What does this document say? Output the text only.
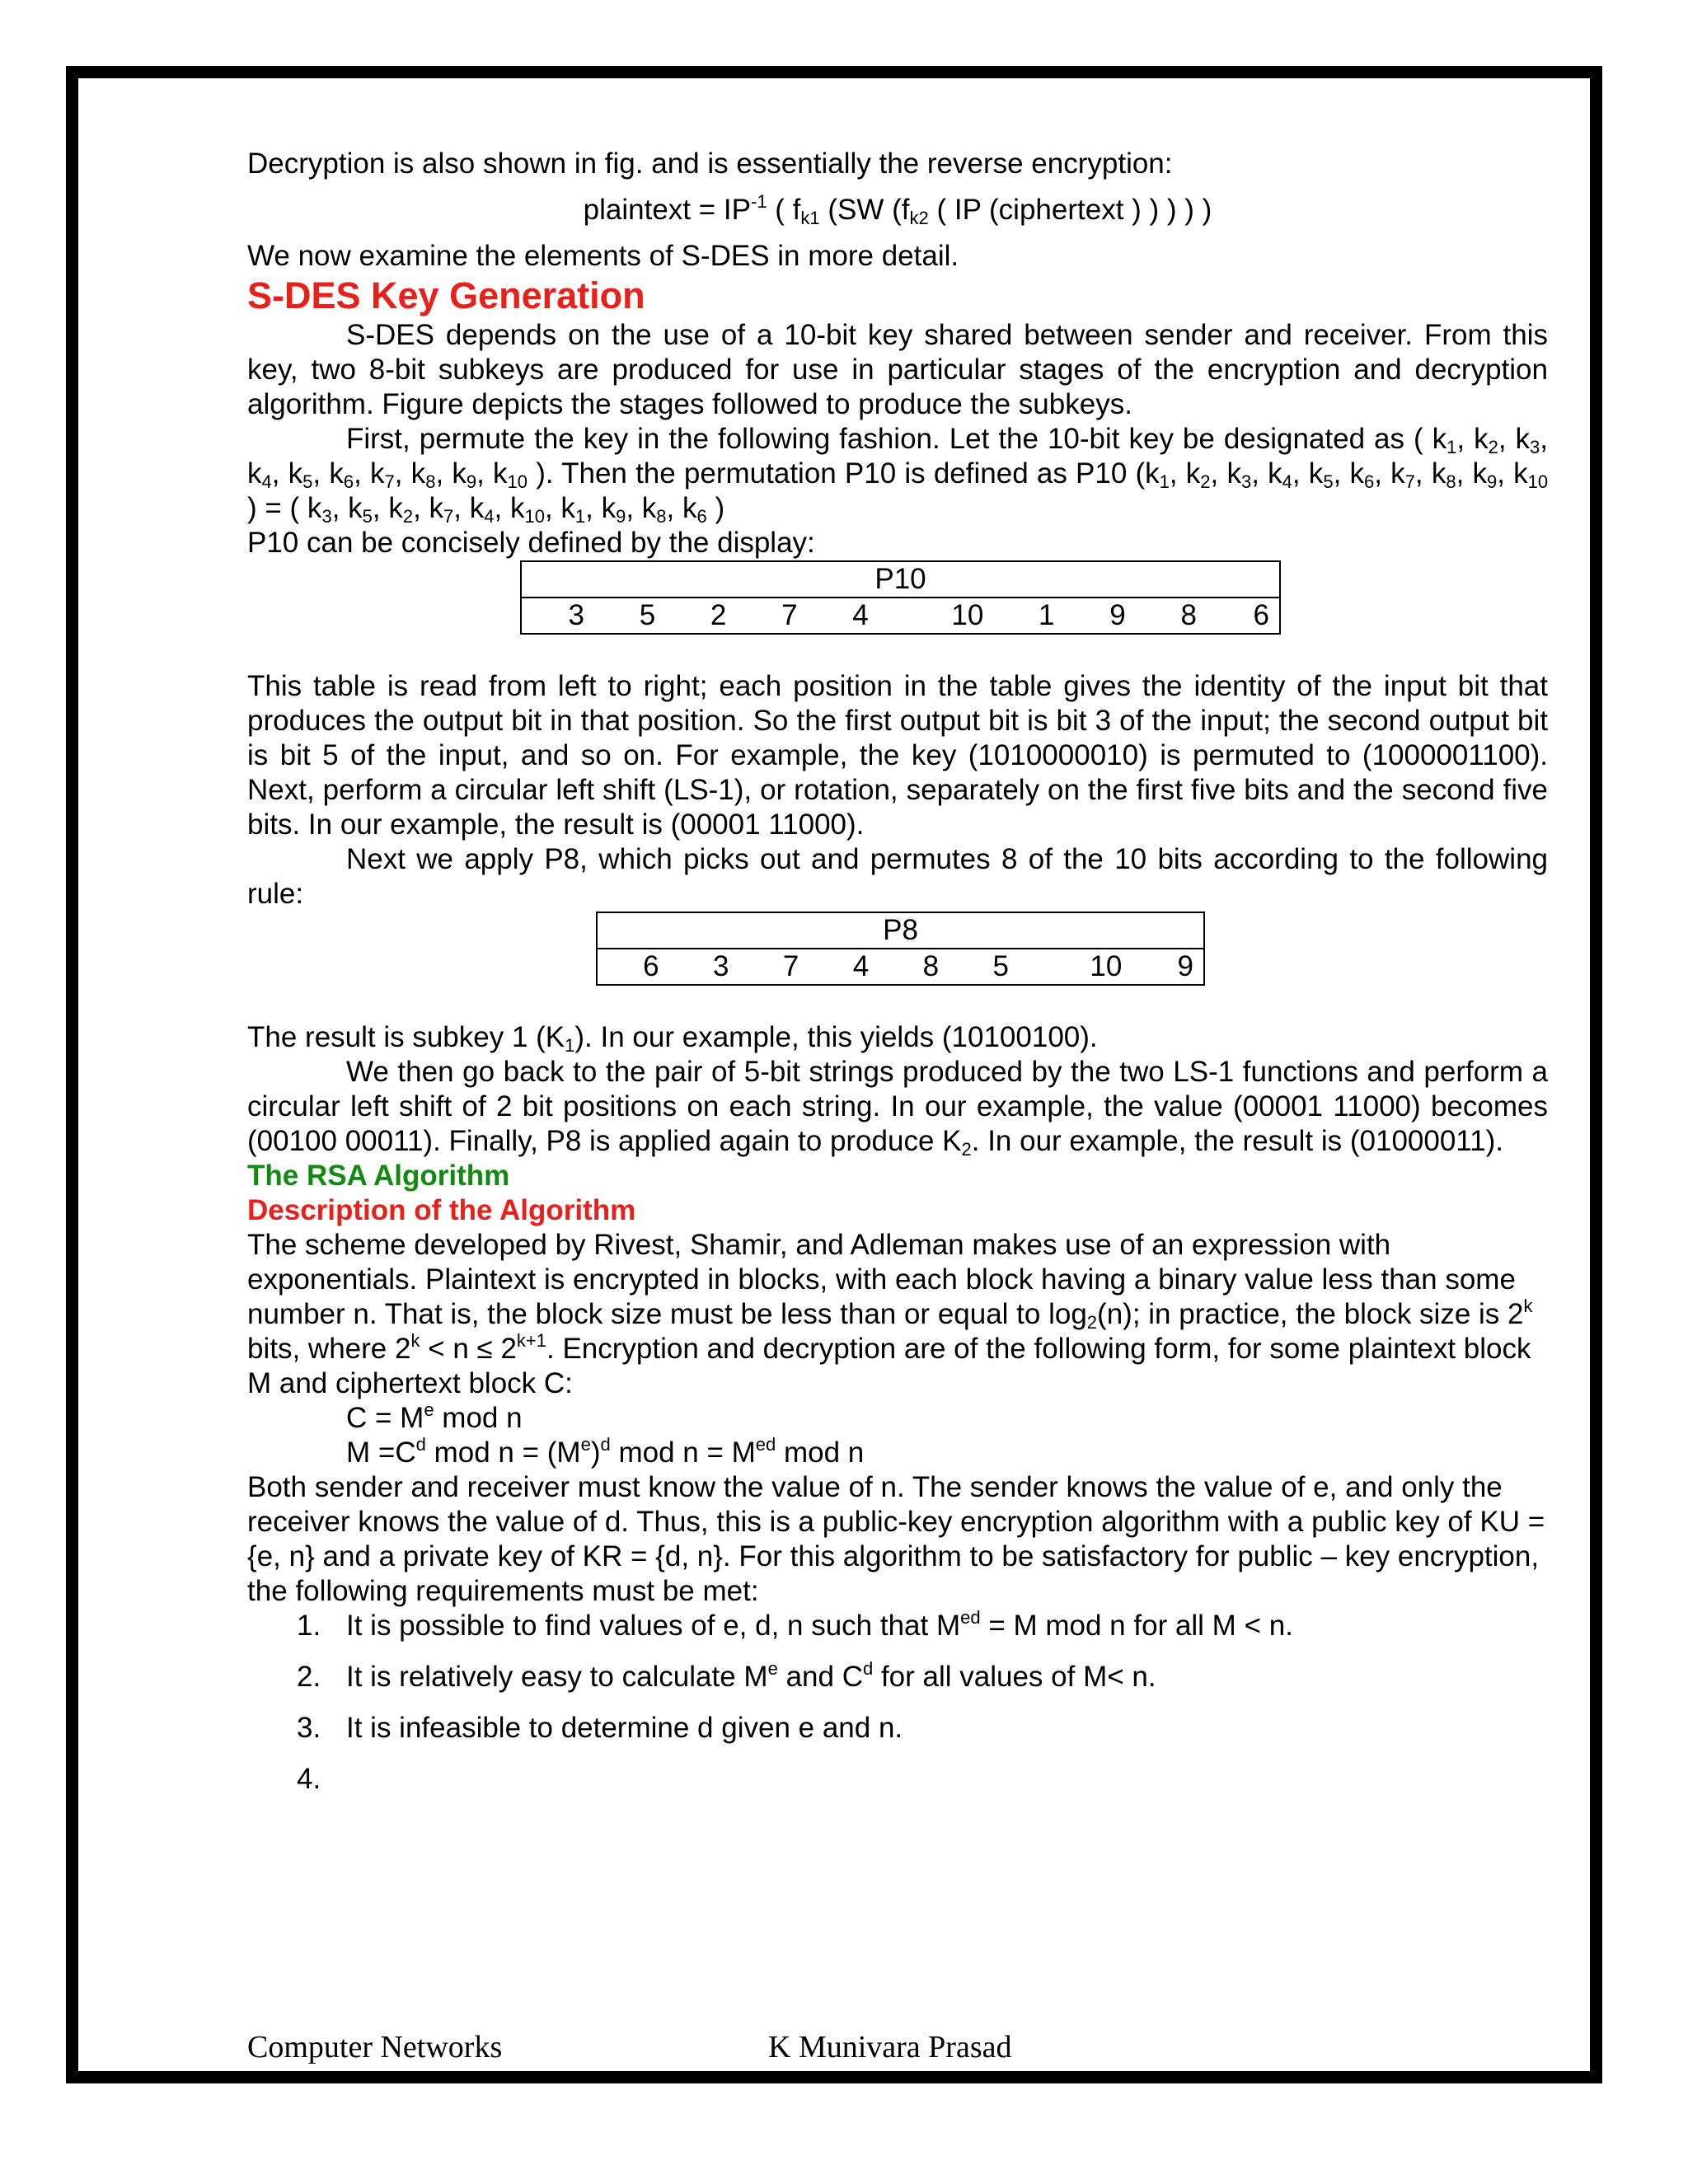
Decryption is also shown in fig. and is essentially the reverse encryption:

plaintext = $IP^{-1}$ ( $f_{k1}$ (SW ($f_{k2}$ ( IP (ciphertext ) ) ) ) )

We now examine the elements of S-DES in more detail.

S-DES Key Generation

S-DES depends on the use of a 10-bit key shared between sender and receiver. From this key, two 8-bit subkeys are produced for use in particular stages of the encryption and decryption algorithm. Figure depicts the stages followed to produce the subkeys.

First, permute the key in the following fashion. Let the 10-bit key be designated as ( $k_1$, $k_2$, $k_3$, $k_4$, $k_5$, $k_6$, $k_7$, $k_8$, $k_9$, $k_{10}$ ). Then the permutation P10 is defined as P10 ($k_1$, $k_2$, $k_3$, $k_4$, $k_5$, $k_6$, $k_7$, $k_8$, $k_9$, $k_{10}$ ) = ( $k_3$, $k_5$, $k_2$, $k_7$, $k_4$, $k_{10}$, $k_1$, $k_9$, $k_8$, $k_6$ )

P10 can be concisely defined by the display:

P10
3	5	2	7	4	10	1	9	8	6

This table is read from left to right; each position in the table gives the identity of the input bit that produces the output bit in that position. So the first output bit is bit 3 of the input; the second output bit is bit 5 of the input, and so on. For example, the key (1010000010) is permuted to (1000001100). Next, perform a circular left shift (LS-1), or rotation, separately on the first five bits and the second five bits. In our example, the result is (00001 11000).

Next we apply P8, which picks out and permutes 8 of the 10 bits according to the following rule:

P8
6	3	7	4	8	5	10	9

The result is subkey 1 $(K_1)$. In our example, this yields (10100100).

We then go back to the pair of 5-bit strings produced by the two LS-1 functions and perform a circular left shift of 2 bit positions on each string. In our example, the value (00001 11000) becomes (00100 00011). Finally, P8 is applied again to produce $K_2$. In our example, the result is (01000011).

The RSA Algorithm

Description of the Algorithm

The scheme developed by Rivest, Shamir, and Adleman makes use of an expression with exponentials. Plaintext is encrypted in blocks, with each block having a binary value less than some number n. That is, the block size must be less than or equal to $\log_2(n)$; in practice, the block size is 2$^k$ bits, where $2^k < n \le 2^{k+1}$. Encryption and decryption are of the following form, for some plaintext block M and ciphertext block C:

$C = M^e$ mod n

$M =C^d$ mod $n = (M^e)^d$ mod $n = M^{ed}$ mod n

Both sender and receiver must know the value of n. The sender knows the value of e, and only the receiver knows the value of d. Thus, this is a public-key encryption algorithm with a public key of KU = {e, n} and a private key of KR = {d, n}. For this algorithm to be satisfactory for public – key encryption, the following requirements must be met:

1. It is possible to find values of e, d, n such that $M^{ed} = M$ mod n for all M < n.
2. It is relatively easy to calculate Me and $C^d$ for all values of M< n.
3. It is infeasible to determine d given e and n.
4.
Computer Networks	K Munivara Prasad
